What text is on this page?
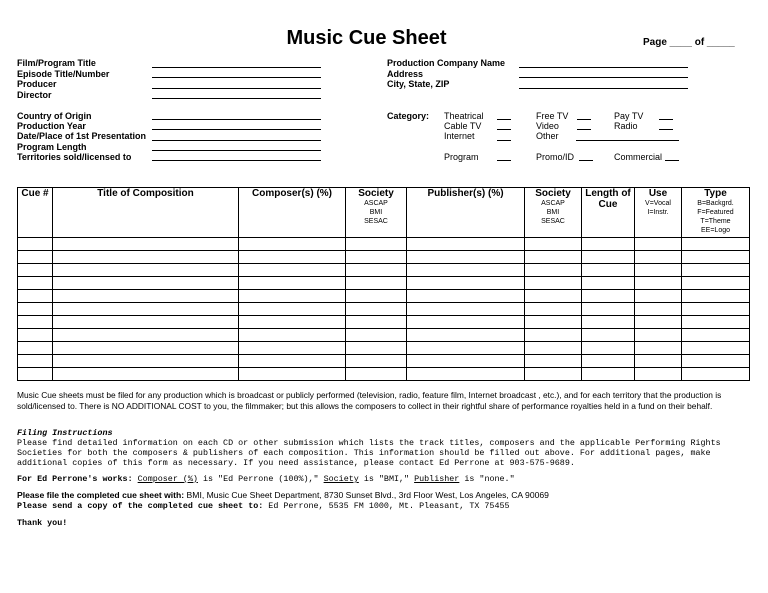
Music Cue Sheet	Page ____ of _____
Film/Program Title
Episode Title/Number
Producer
Director
Country of Origin
Production Year
Date/Place of 1st Presentation
Program Length
Territories sold/licensed to
Production Company Name
Address
City, State, ZIP
Category: Theatrical
Cable TV
Internet
Program
Free TV
Video
Other
Promo/ID
Pay TV
Radio
Commercial
Cue #	Title of Composition	Composer(s) (%)	Society
ASCAP
BMI
SESAC	Publisher(s) (%)	Society
ASCAP
BMI
SESAC	Length of Cue	Use
V=Vocal
I=Instr.	Type
B=Backgrd.
F=Featured
T=Theme
EE=Logo

Music Cue sheets must be filed for any production which is broadcast or publicly performed (television, radio, feature film, Internet broadcast , etc.), and for each territory that the production is sold/licensed to. There is NO ADDITIONAL COST to you, the filmmaker; but this allows the composers to collect in their rightful share of performance royalties held in a fund on their behalf.
Filing Instructions
Please find detailed information on each CD or other submission which lists the track titles, composers and the applicable Performing Rights Societies for both the composers & publishers of each composition. This information should be filled out above. For additional pages, make additional copies of this form as necessary. If you need assistance, please contact Ed Perrone at 903-575-9689.
For Ed Perrone's works: Composer (%) is "Ed Perrone (100%)," Society is "BMI," Publisher is "none."
Please file the completed cue sheet with: BMI, Music Cue Sheet Department, 8730 Sunset Blvd., 3rd Floor West, Los Angeles, CA 90069
Please send a copy of the completed cue sheet to: Ed Perrone, 5535 FM 1000, Mt. Pleasant, TX 75455
Thank you!
